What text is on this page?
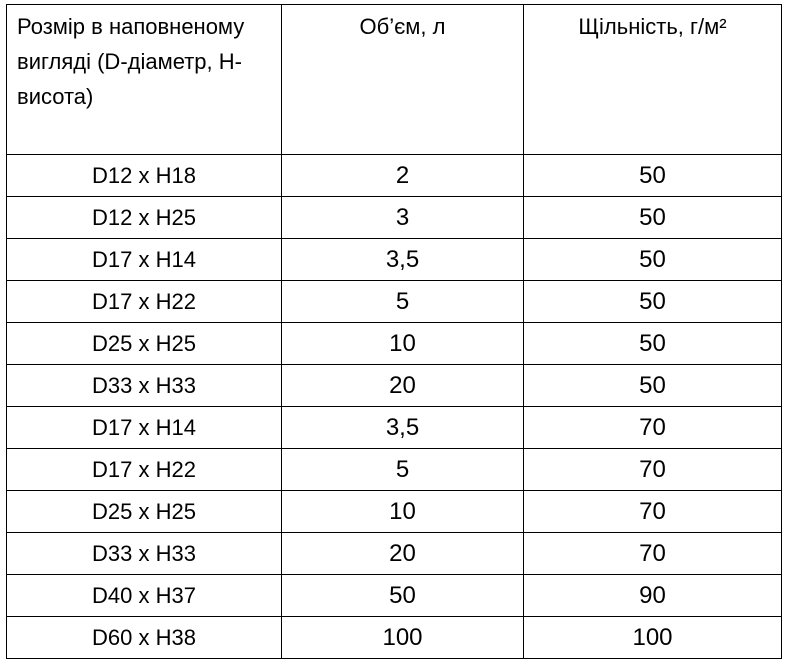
Розмір в наповненому вигляді (D-діаметр, H- висота)	Об’єм, л	Щільність, г/м²
D12 x H18	2	50
D12 x H25	3	50
D17 x H14	3,5	50
D17 x H22	5	50
D25 x H25	10	50
D33 x H33	20	50
D17 x H14	3,5	70
D17 x H22	5	70
D25 x H25	10	70
D33 x H33	20	70
D40 x H37	50	90
D60 x H38	100	100
